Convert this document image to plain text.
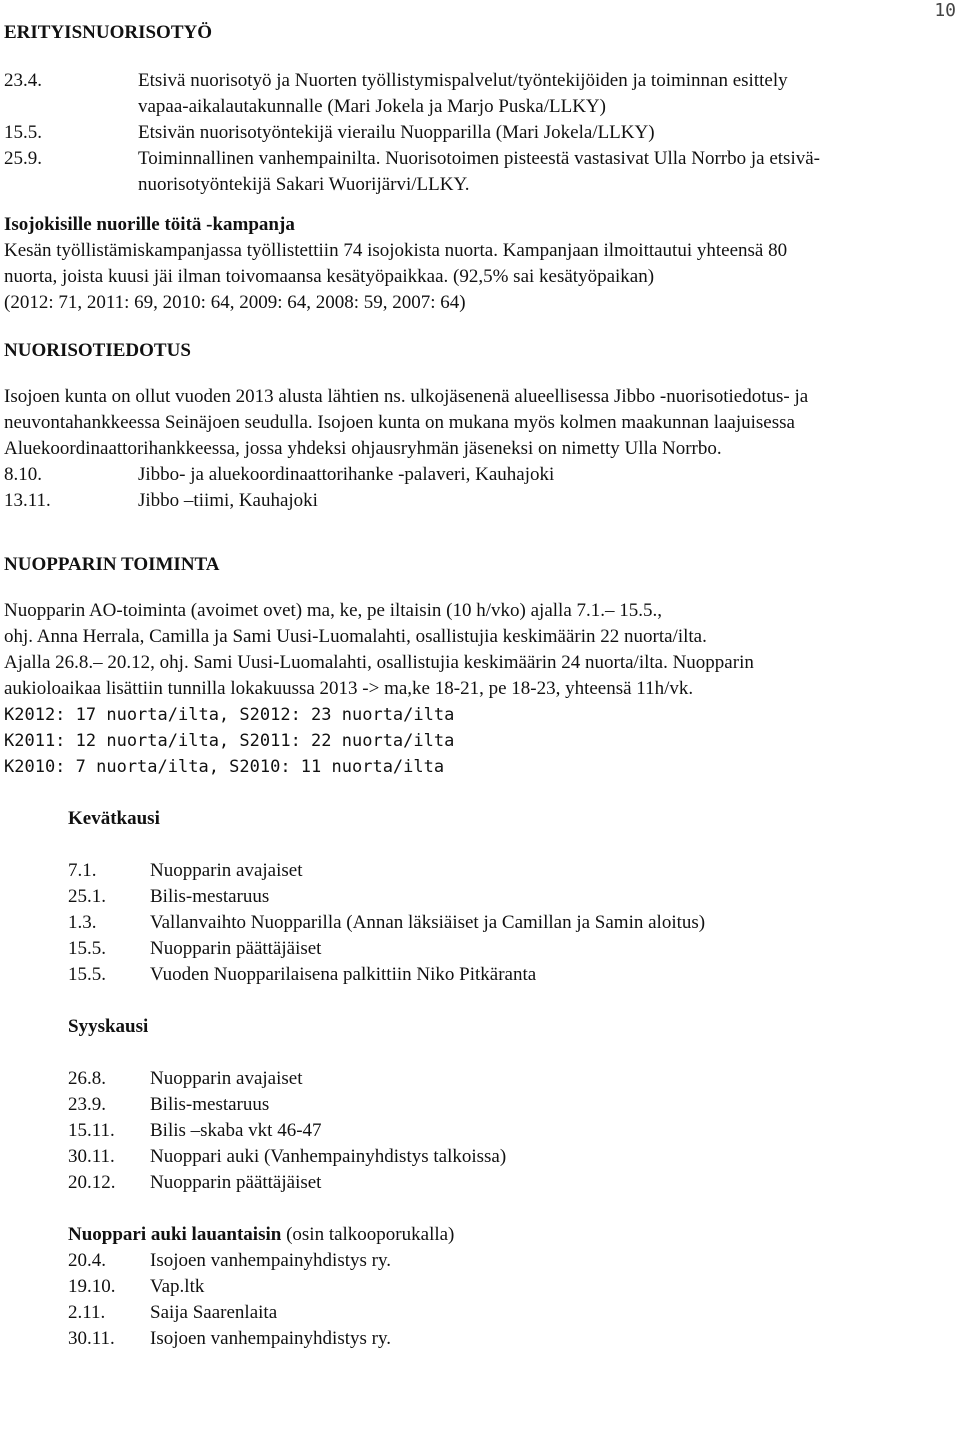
10
ERITYISNUORISOTYÖ
23.4.	Etsivä nuorisotyö ja Nuorten työllistymispalvelut/työntekijöiden ja toiminnan esittely
vapaa-aikalautakunnalle (Mari Jokela ja Marjo Puska/LLKY)
15.5.	Etsivän nuorisotyöntekijä vierailu Nuopparilla (Mari Jokela/LLKY)
25.9.	Toiminnallinen vanhempainilta. Nuorisotoimen pisteestä vastasivat Ulla Norrbo ja etsivä-
nuorisotyöntekijä Sakari Wuorijärvi/LLKY.
Isojokisille nuorille töitä -kampanja
Kesän työllistämiskampanjassa työllistettiin 74 isojokista nuorta. Kampanjaan ilmoittautui yhteensä 80
nuorta, joista kuusi jäi ilman toivomaansa kesätyöpaikkaa. (92,5% sai kesätyöpaikan)
(2012: 71, 2011: 69, 2010: 64, 2009: 64, 2008: 59, 2007: 64)
NUORISOTIEDOTUS
Isojoen kunta on ollut vuoden 2013 alusta lähtien ns. ulkojäsenenä alueellisessa Jibbo -nuorisotiedotus- ja
neuvontahankkeessa Seinäjoen seudulla. Isojoen kunta on mukana myös kolmen maakunnan laajuisessa
Aluekoordinaattorihankkeessa, jossa yhdeksi ohjausryhmän jäseneksi on nimetty Ulla Norrbo.
8.10.	Jibbo- ja aluekoordinaattorihanke -palaveri, Kauhajoki
13.11.	Jibbo –tiimi, Kauhajoki
NUOPPARIN TOIMINTA
Nuopparin AO-toiminta (avoimet ovet) ma, ke, pe iltaisin (10 h/vko) ajalla 7.1.– 15.5.,
ohj. Anna Herrala, Camilla ja Sami Uusi-Luomalahti, osallistujia keskimäärin 22 nuorta/ilta.
Ajalla 26.8.– 20.12, ohj. Sami Uusi-Luomalahti, osallistujia keskimäärin 24 nuorta/ilta. Nuopparin
aukioloaikaa lisättiin tunnilla lokakuussa 2013 -> ma,ke 18-21, pe 18-23, yhteensä 11h/vk.
K2012: 17 nuorta/ilta, S2012: 23 nuorta/ilta
K2011: 12 nuorta/ilta, S2011: 22 nuorta/ilta
K2010: 7 nuorta/ilta, S2010: 11 nuorta/ilta
Kevätkausi
7.1.	Nuopparin avajaiset
25.1.	Bilis-mestaruus
1.3.	Vallanvaihto Nuopparilla (Annan läksiäiset ja Camillan ja Samin aloitus)
15.5.	Nuopparin päättäjäiset
15.5.	Vuoden Nuopparilaisena palkittiin Niko Pitkäranta
Syyskausi
26.8.	Nuopparin avajaiset
23.9.	Bilis-mestaruus
15.11.	Bilis –skaba vkt 46-47
30.11.	Nuoppari auki (Vanhempainyhdistys talkoissa)
20.12.	Nuopparin päättäjäiset
Nuoppari auki lauantaisin (osin talkooporukalla)
20.4.	Isojoen vanhempainyhdistys ry.
19.10.	Vap.ltk
2.11.	Saija Saarenlaita
30.11.	Isojoen vanhempainyhdistys ry.
